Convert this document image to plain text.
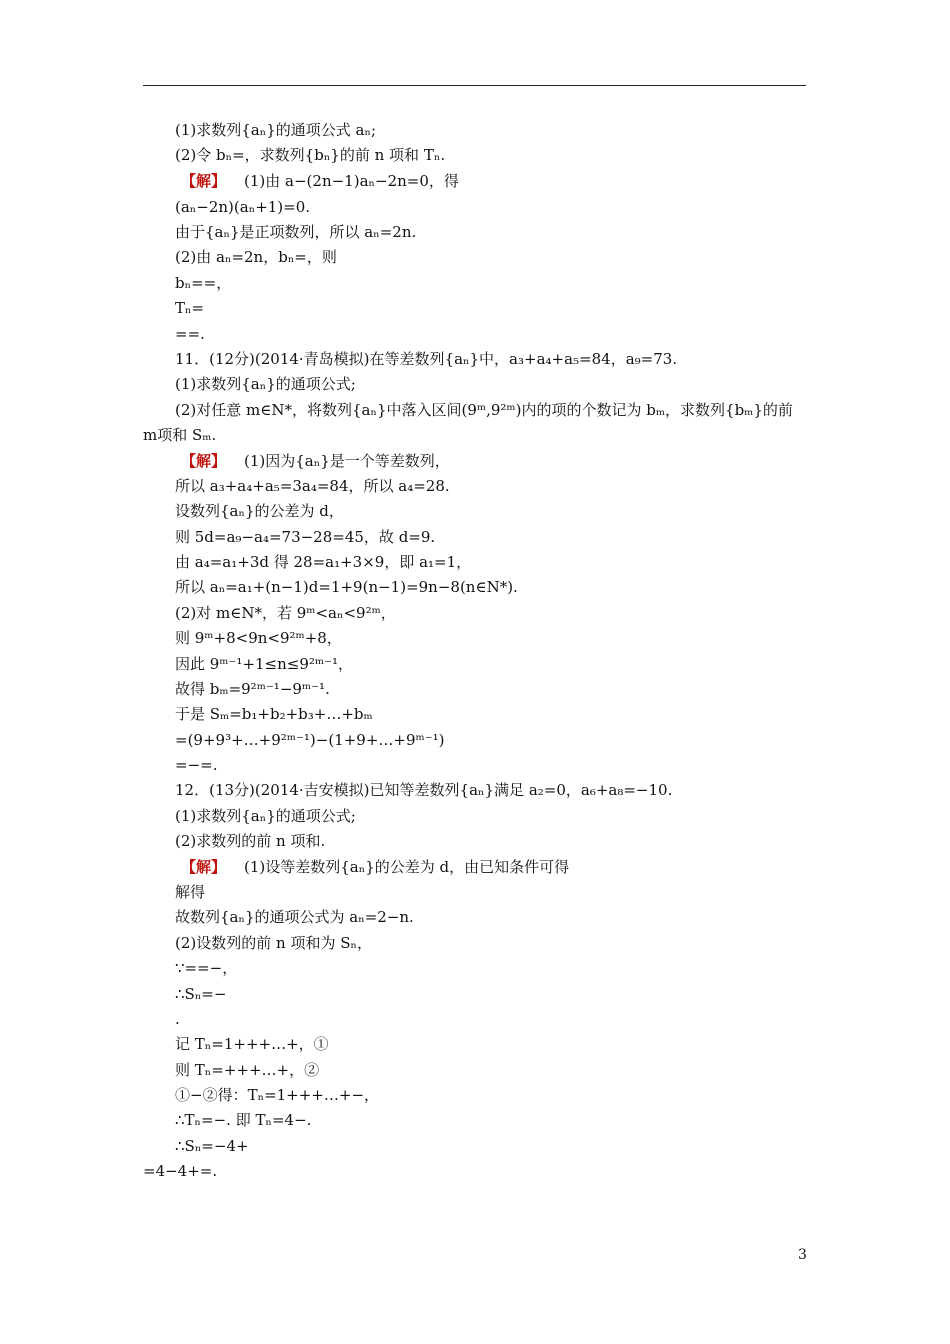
(1)求数列{aₙ}的通项公式 aₙ;
(2)令 bₙ=，求数列{bₙ}的前 n 项和 Tₙ.
【解】 (1)由 a−(2n−1)aₙ−2n=0，得
(aₙ−2n)(aₙ+1)=0.
由于{aₙ}是正项数列，所以 aₙ=2n.
(2)由 aₙ=2n，bₙ=，则
bₙ==，
Tₙ=
==.
11．(12分)(2014·青岛模拟)在等差数列{aₙ}中，a₃+a₄+a₅=84，a₉=73.
(1)求数列{aₙ}的通项公式;
(2)对任意 m∈N*，将数列{aₙ}中落入区间(9ᵐ,9²ᵐ)内的项的个数记为 bₘ，求数列{bₘ}的前
m项和 Sₘ.
【解】 (1)因为{aₙ}是一个等差数列，
所以 a₃+a₄+a₅=3a₄=84，所以 a₄=28.
设数列{aₙ}的公差为 d，
则 5d=a₉−a₄=73−28=45，故 d=9.
由 a₄=a₁+3d 得 28=a₁+3×9，即 a₁=1，
所以 aₙ=a₁+(n−1)d=1+9(n−1)=9n−8(n∈N*).
(2)对 m∈N*，若 9ᵐ<aₙ<9²ᵐ，
则 9ᵐ+8<9n<9²ᵐ+8，
因此 9ᵐ⁻¹+1≤n≤9²ᵐ⁻¹，
故得 bₘ=9²ᵐ⁻¹−9ᵐ⁻¹.
于是 Sₘ=b₁+b₂+b₃+…+bₘ
=(9+9³+…+9²ᵐ⁻¹)−(1+9+…+9ᵐ⁻¹)
=−=.
12．(13分)(2014·吉安模拟)已知等差数列{aₙ}满足 a₂=0，a₆+a₈=−10.
(1)求数列{aₙ}的通项公式;
(2)求数列的前 n 项和.
【解】 (1)设等差数列{aₙ}的公差为 d，由已知条件可得
解得
故数列{aₙ}的通项公式为 aₙ=2−n.
(2)设数列的前 n 项和为 Sₙ，
∵==−，
∴Sₙ=−
.
记 Tₙ=1+++…+，①
则 Tₙ=+++…+，②
①−②得：Tₙ=1+++…+−，
∴Tₙ=−. 即 Tₙ=4−.
∴Sₙ=−4+
=4−4+=.
3
